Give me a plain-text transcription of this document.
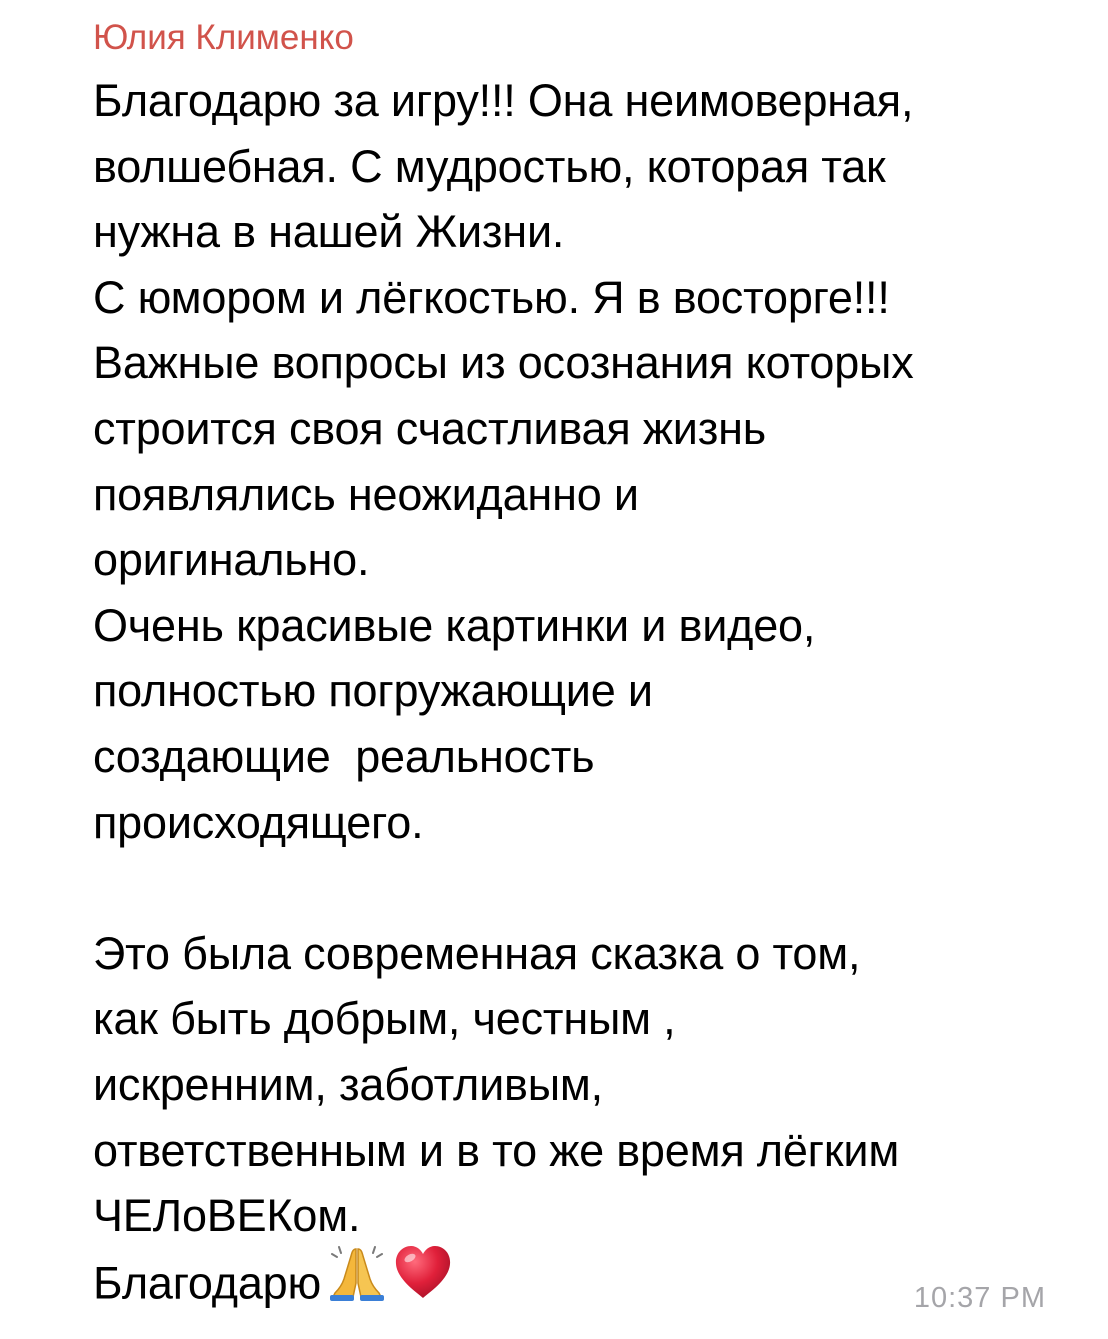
Юлия Клименко
Благодарю за игру!!! Она неимоверная,
волшебная. С мудростью, которая так
нужна в нашей Жизни.
С юмором и лёгкостью. Я в восторге!!!
Важные вопросы из осознания которых
строится своя счастливая жизнь
появлялись неожиданно и
оригинально.
Очень красивые картинки и видео,
полностью погружающие и
создающие  реальность
происходящего.
Это была современная сказка о том,
как быть добрым, честным ,
искренним, заботливым,
ответственным и в то же время лёгким
ЧЕЛоВЕКом.
Благодарю	10:37 PM
